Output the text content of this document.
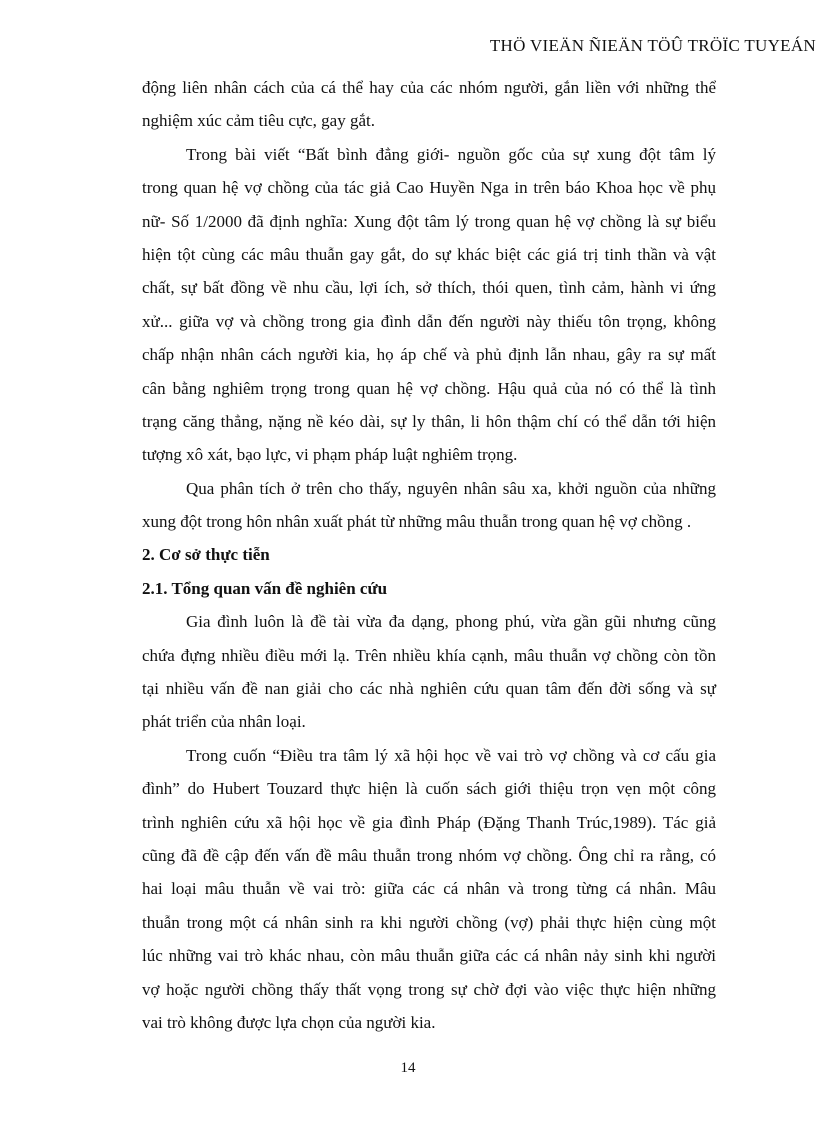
THÖ VIEÄN ÑIEÄN TÖÛ TRÖÏC TUYEÁN
động liên nhân cách của cá thể hay của các nhóm người, gắn liền với những thể
nghiệm xúc cảm tiêu cực, gay gắt.
Trong bài viết “Bất bình đẳng giới- nguồn gốc của sự xung đột tâm lý
trong quan hệ vợ chồng của tác giả Cao Huyền Nga in trên báo Khoa học về phụ
nữ- Số 1/2000 đã định nghĩa: Xung đột tâm lý trong quan hệ vợ chồng là sự biểu
hiện tột cùng các mâu thuẫn gay gắt, do sự khác biệt các giá trị tinh thần và vật
chất, sự bất đồng về nhu cầu, lợi ích, sở thích, thói quen, tình cảm, hành vi ứng
xử... giữa vợ và chồng trong gia đình dẫn đến người này thiếu tôn trọng, không
chấp nhận nhân cách người kia, họ áp chế và phủ định lẫn nhau, gây ra sự mất
cân bằng nghiêm trọng trong quan hệ vợ chồng. Hậu quả của nó có thể là tình
trạng căng thẳng, nặng nề kéo dài, sự ly thân, li hôn thậm chí có thể dẫn tới hiện
tượng xô xát, bạo lực, vi phạm pháp luật nghiêm trọng.
Qua phân tích ở trên cho thấy, nguyên nhân sâu xa, khởi nguồn của những
xung đột trong hôn nhân xuất phát từ những mâu thuẫn trong quan hệ vợ chồng .
2. Cơ sở thực tiễn
2.1. Tổng quan vấn đề nghiên cứu
Gia đình luôn là đề tài vừa đa dạng, phong phú, vừa gần gũi nhưng cũng
chứa đựng nhiều điều mới lạ. Trên nhiều khía cạnh, mâu thuẫn vợ chồng còn tồn
tại nhiều vấn đề nan giải cho các nhà nghiên cứu quan tâm đến đời sống và sự
phát triển của nhân loại.
Trong cuốn “Điều tra tâm lý xã hội học về vai trò vợ chồng và cơ cấu gia
đình” do Hubert Touzard thực hiện là cuốn sách giới thiệu trọn vẹn một công
trình nghiên cứu xã hội học về gia đình Pháp (Đặng Thanh Trúc,1989). Tác giả
cũng đã đề cập đến vấn đề mâu thuẫn trong nhóm vợ chồng. Ông chỉ ra rằng, có
hai loại mâu thuẫn về vai trò: giữa các cá nhân và trong từng cá nhân. Mâu
thuẫn trong một cá nhân sinh ra khi người chồng (vợ) phải thực hiện cùng một
lúc những vai trò khác nhau, còn mâu thuẫn giữa các cá nhân nảy sinh khi người
vợ hoặc người chồng thấy thất vọng trong sự chờ đợi vào việc thực hiện những
vai trò không được lựa chọn của người kia.
14
